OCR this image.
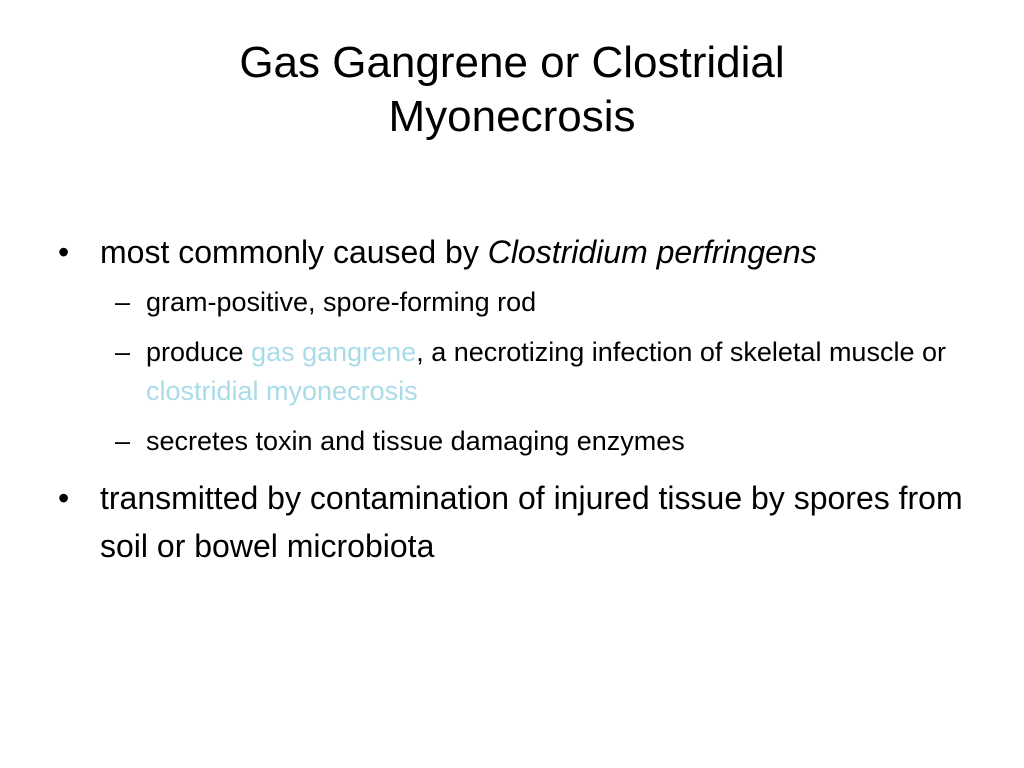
Gas Gangrene or Clostridial
Myonecrosis

• most commonly caused by Clostridium perfringens

– gram-positive, spore-forming rod

– produce gas gangrene, a necrotizing infection of skeletal muscle or clostridial myonecrosis

– secretes toxin and tissue damaging enzymes

• transmitted by contamination of injured tissue by spores from soil or bowel microbiota
